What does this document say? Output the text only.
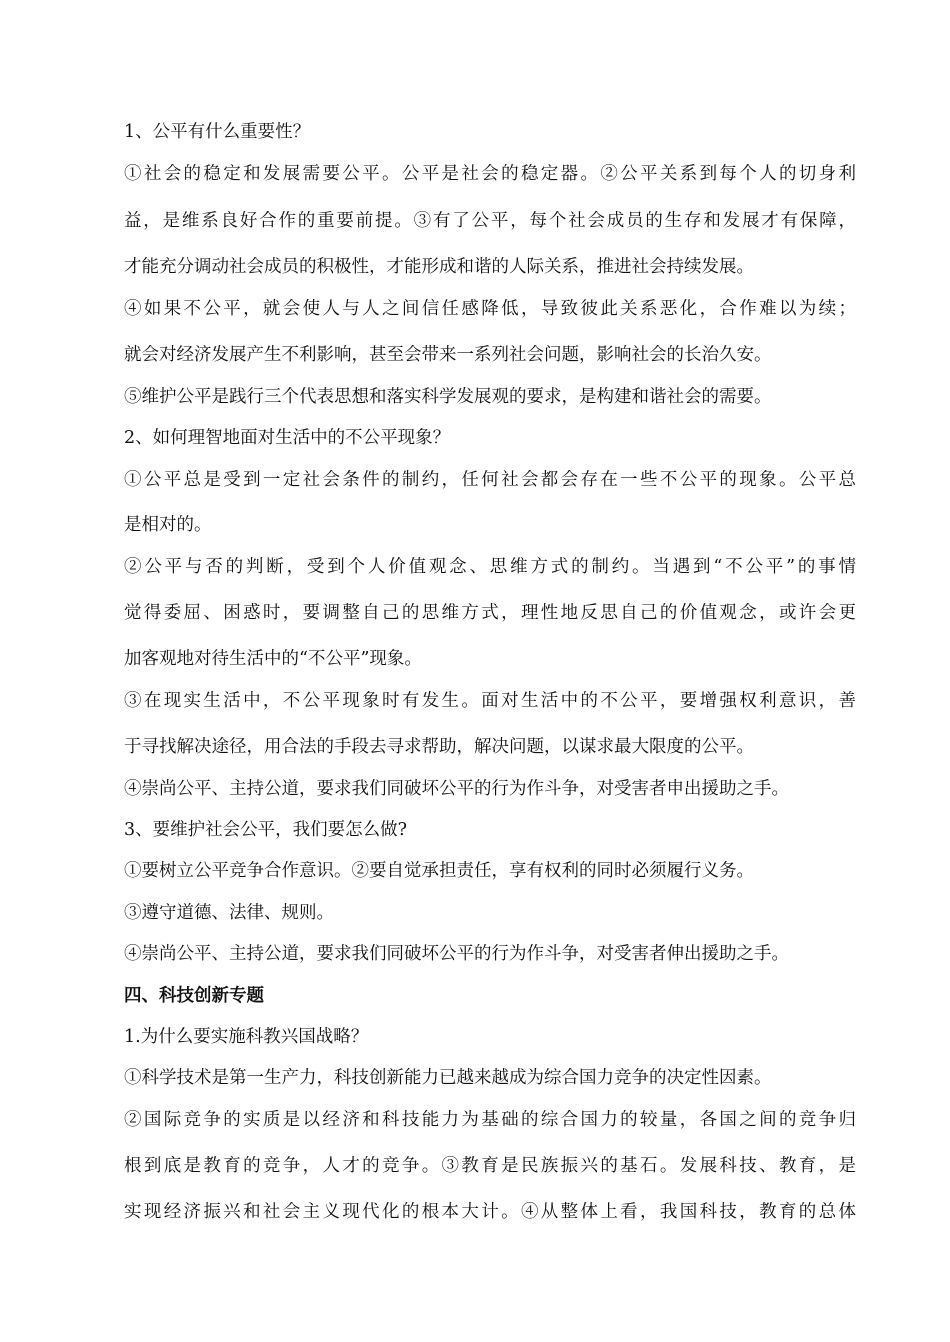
1、公平有什么重要性？
①社会的稳定和发展需要公平。公平是社会的稳定器。②公平关系到每个人的切身利
益，是维系良好合作的重要前提。③有了公平，每个社会成员的生存和发展才有保障，
才能充分调动社会成员的积极性，才能形成和谐的人际关系，推进社会持续发展。
④如果不公平，就会使人与人之间信任感降低，导致彼此关系恶化，合作难以为续；
就会对经济发展产生不利影响，甚至会带来一系列社会问题，影响社会的长治久安。
⑤维护公平是践行三个代表思想和落实科学发展观的要求，是构建和谐社会的需要。
2、如何理智地面对生活中的不公平现象？
①公平总是受到一定社会条件的制约，任何社会都会存在一些不公平的现象。公平总
是相对的。
②公平与否的判断，受到个人价值观念、思维方式的制约。当遇到“不公平”的事情
觉得委屈、困惑时，要调整自己的思维方式，理性地反思自己的价值观念，或许会更
加客观地对待生活中的“不公平”现象。
③在现实生活中，不公平现象时有发生。面对生活中的不公平，要增强权利意识，善
于寻找解决途径，用合法的手段去寻求帮助，解决问题，以谋求最大限度的公平。
④崇尚公平、主持公道，要求我们同破坏公平的行为作斗争，对受害者申出援助之手。
3、要维护社会公平，我们要怎么做?
①要树立公平竞争合作意识。②要自觉承担责任，享有权利的同时必须履行义务。
③遵守道德、法律、规则。
④崇尚公平、主持公道，要求我们同破坏公平的行为作斗争，对受害者伸出援助之手。
四、科技创新专题
1.为什么要实施科教兴国战略？
①科学技术是第一生产力，科技创新能力已越来越成为综合国力竞争的决定性因素。
②国际竞争的实质是以经济和科技能力为基础的综合国力的较量，各国之间的竞争归
根到底是教育的竞争，人才的竞争。③教育是民族振兴的基石。发展科技、教育，是
实现经济振兴和社会主义现代化的根本大计。④从整体上看，我国科技，教育的总体
